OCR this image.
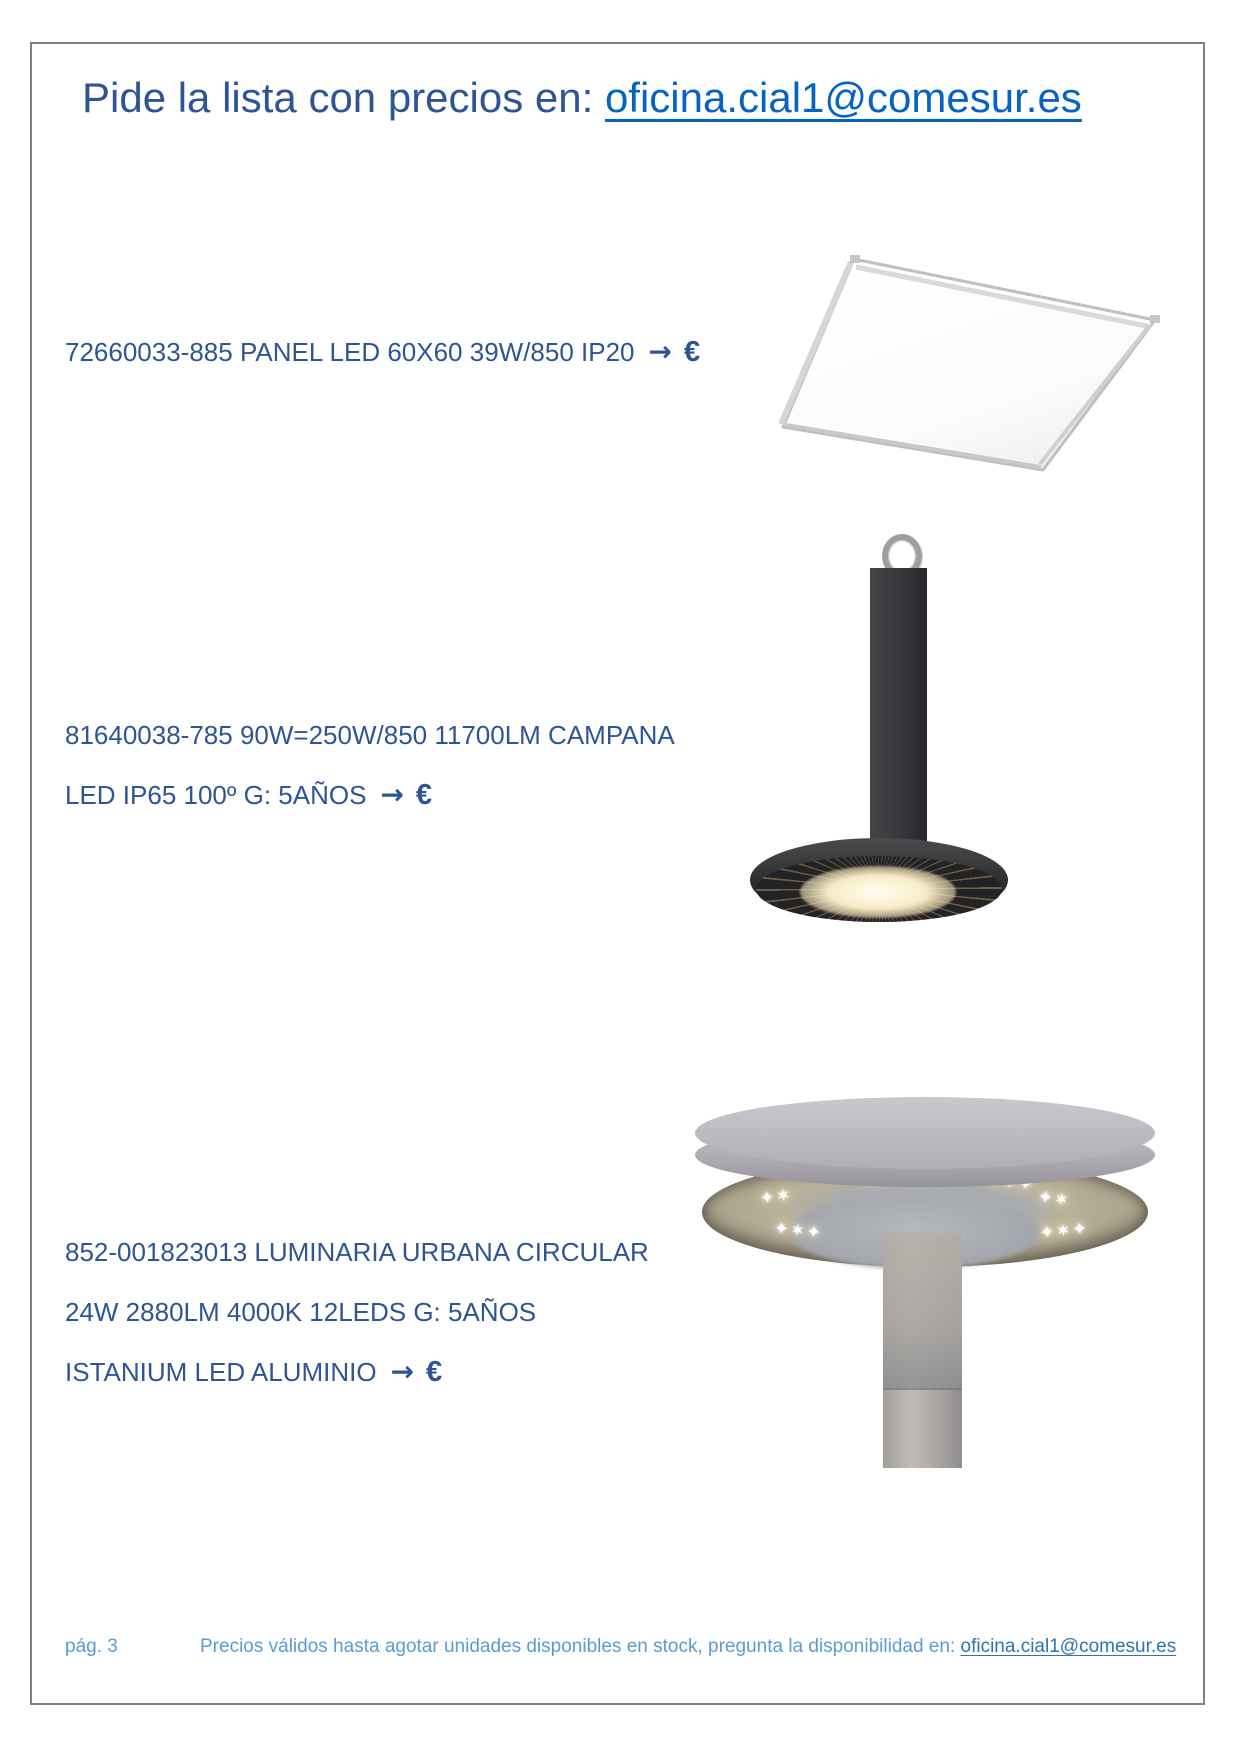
Pide la lista con precios en: oficina.cial1@comesur.es
72660033-885 PANEL LED 60X60 39W/850 IP20 → €
81640038-785 90W=250W/850 11700LM CAMPANA
LED IP65 100º G: 5AÑOS → €
852-001823013 LUMINARIA URBANA CIRCULAR
24W 2880LM 4000K 12LEDS G: 5AÑOS
ISTANIUM LED ALUMINIO → €
✦✶
✦✶✦
✦✶
✦✶✦
pág. 3	Precios válidos hasta agotar unidades disponibles en stock, pregunta la disponibilidad en: oficina.cial1@comesur.es
